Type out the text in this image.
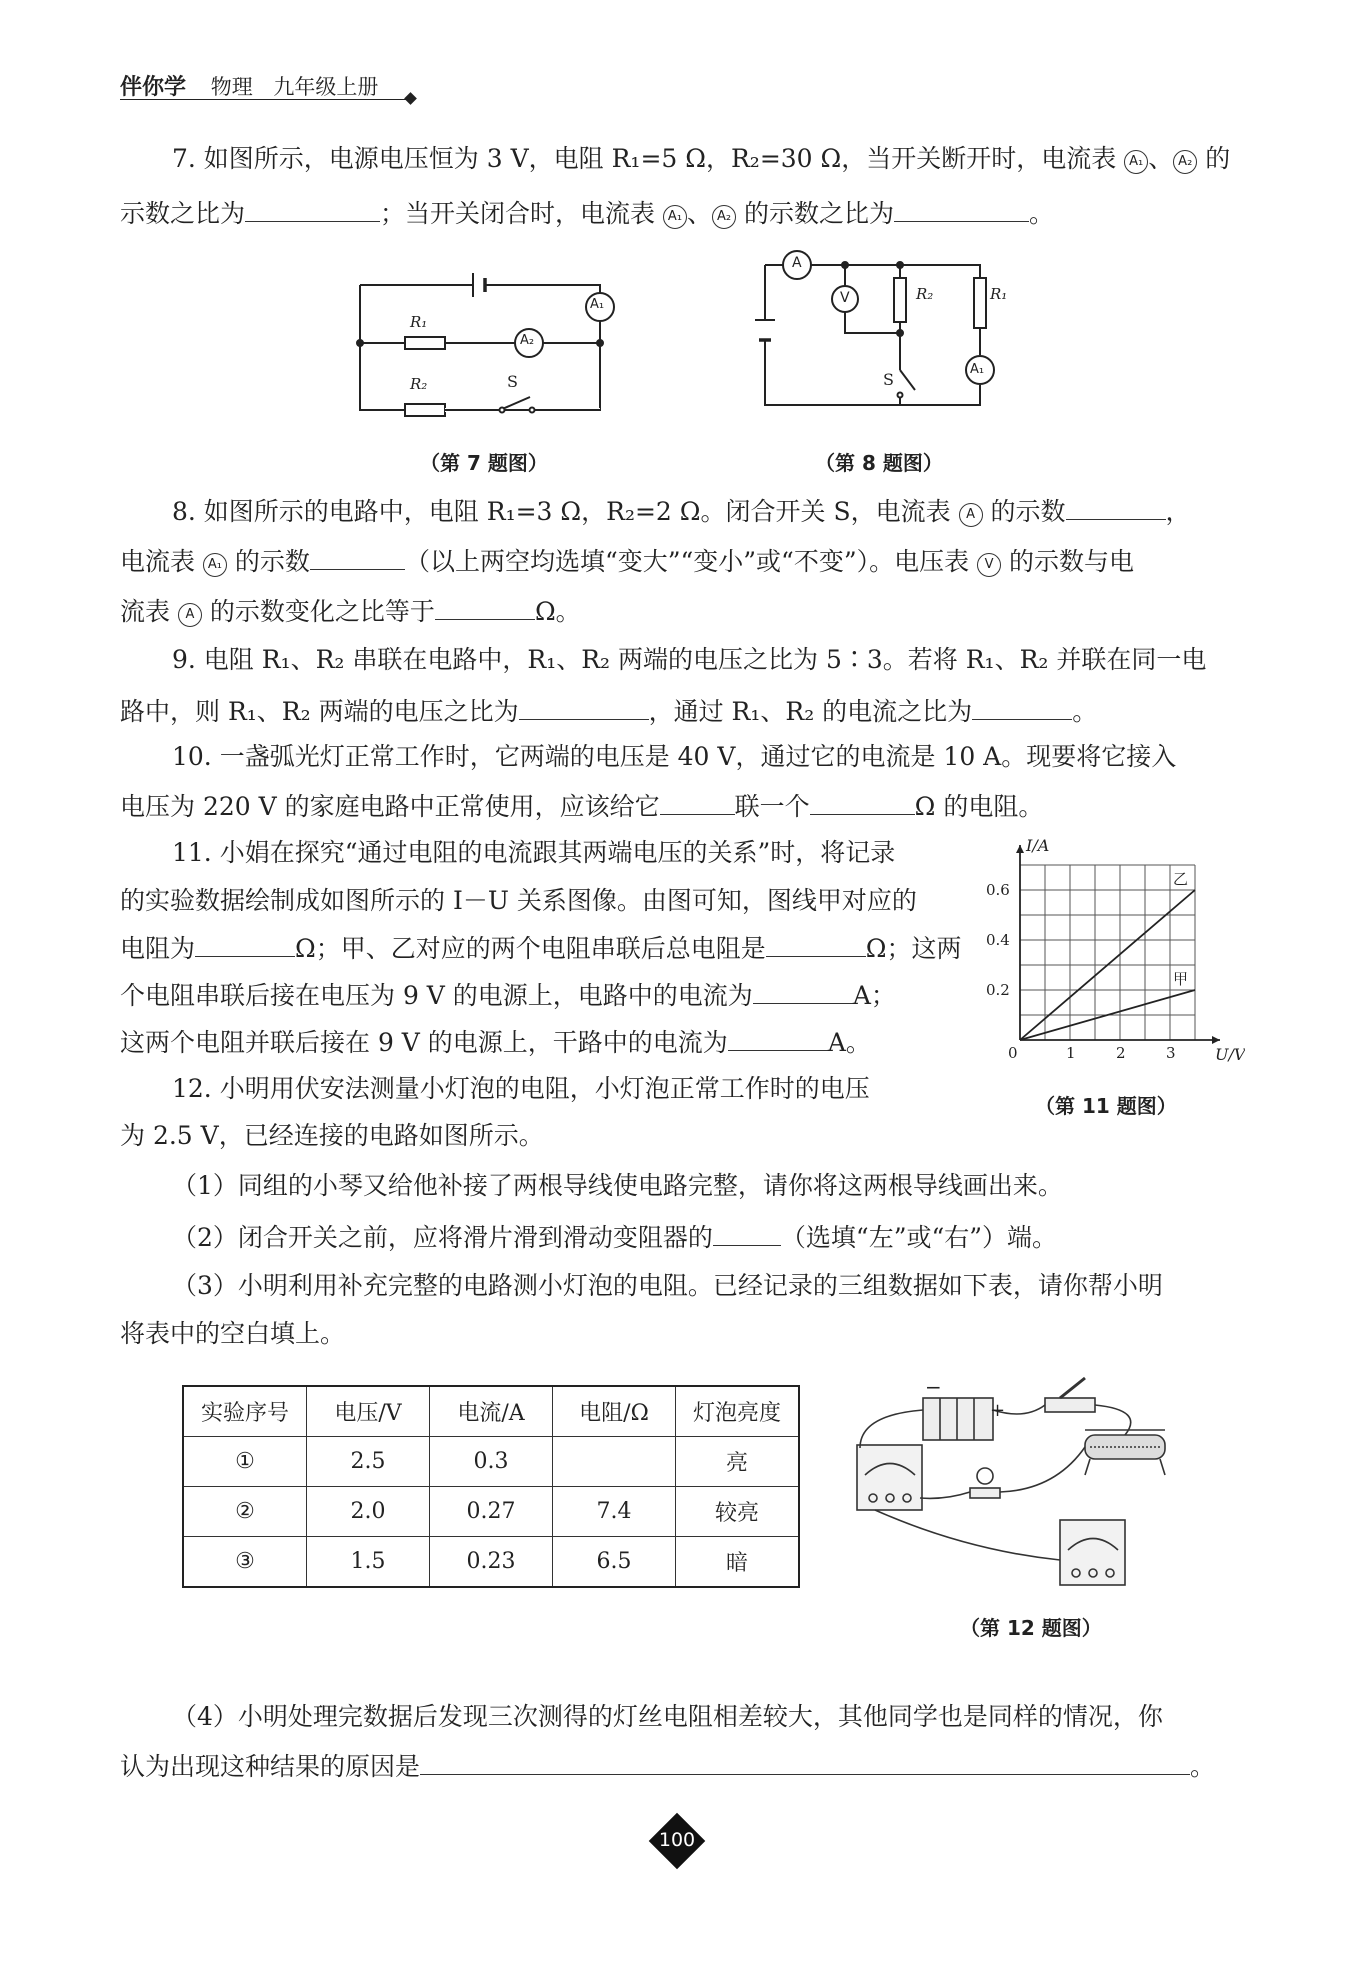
伴你学 物理 九年级上册
7. 如图所示，电源电压恒为 3 V，电阻 R₁=5 Ω，R₂=30 Ω，当开关断开时，电流表 A₁ 、 A₂ 的
示数之比为	；当开关闭合时，电流表 A₁ 、 A₂ 的示数之比为	。
A₁
A₂
R₁
R₂	S
（第 7 题图）
A
V	R₂	R₁
S
A₁
（第 8 题图）
8. 如图所示的电路中，电阻 R₁=3 Ω，R₂=2 Ω。闭合开关 S，电流表 A 的示数	，
电流表 A₁ 的示数	（以上两空均选填“变大”“变小”或“不变”）。电压表 V 的示数与电
流表 A 的示数变化之比等于	Ω。
9. 电阻 R₁、R₂ 串联在电路中，R₁、R₂ 两端的电压之比为 5∶3。若将 R₁、R₂ 并联在同一电
路中，则 R₁、R₂ 两端的电压之比为	，通过 R₁、R₂ 的电流之比为	。
10. 一盏弧光灯正常工作时，它两端的电压是 40 V，通过它的电流是 10 A。现要将它接入
电压为 220 V 的家庭电路中正常使用，应该给它	联一个	Ω 的电阻。
11. 小娟在探究“通过电阻的电流跟其两端电压的关系”时，将记录
的实验数据绘制成如图所示的 I－U 关系图像。由图可知，图线甲对应的
电阻为	Ω；甲、乙对应的两个电阻串联后总电阻是	Ω；这两
个电阻串联后接在电压为 9 V 的电源上，电路中的电流为	A；
这两个电阻并联后接在 9 V 的电源上，干路中的电流为	A。	0	1	2	3
0.2
0.4
0.6
U/V
I/A
乙
甲
（第 11 题图）
12. 小明用伏安法测量小灯泡的电阻，小灯泡正常工作时的电压
为 2.5 V，已经连接的电路如图所示。
（1）同组的小琴又给他补接了两根导线使电路完整，请你将这两根导线画出来。
（2）闭合开关之前，应将滑片滑到滑动变阻器的	（选填“左”或“右”）端。
（3）小明利用补充完整的电路测小灯泡的电阻。已经记录的三组数据如下表，请你帮小明
将表中的空白填上。
实验序号	电压/V	电流/A	电阻/Ω	灯泡亮度
①	2.5	0.3		亮
②	2.0	0.27	7.4	较亮
③	1.5	0.23	6.5	暗
−
+
（第 12 题图）
（4）小明处理完数据后发现三次测得的灯丝电阻相差较大，其他同学也是同样的情况，你
认为出现这种结果的原因是	。
100
